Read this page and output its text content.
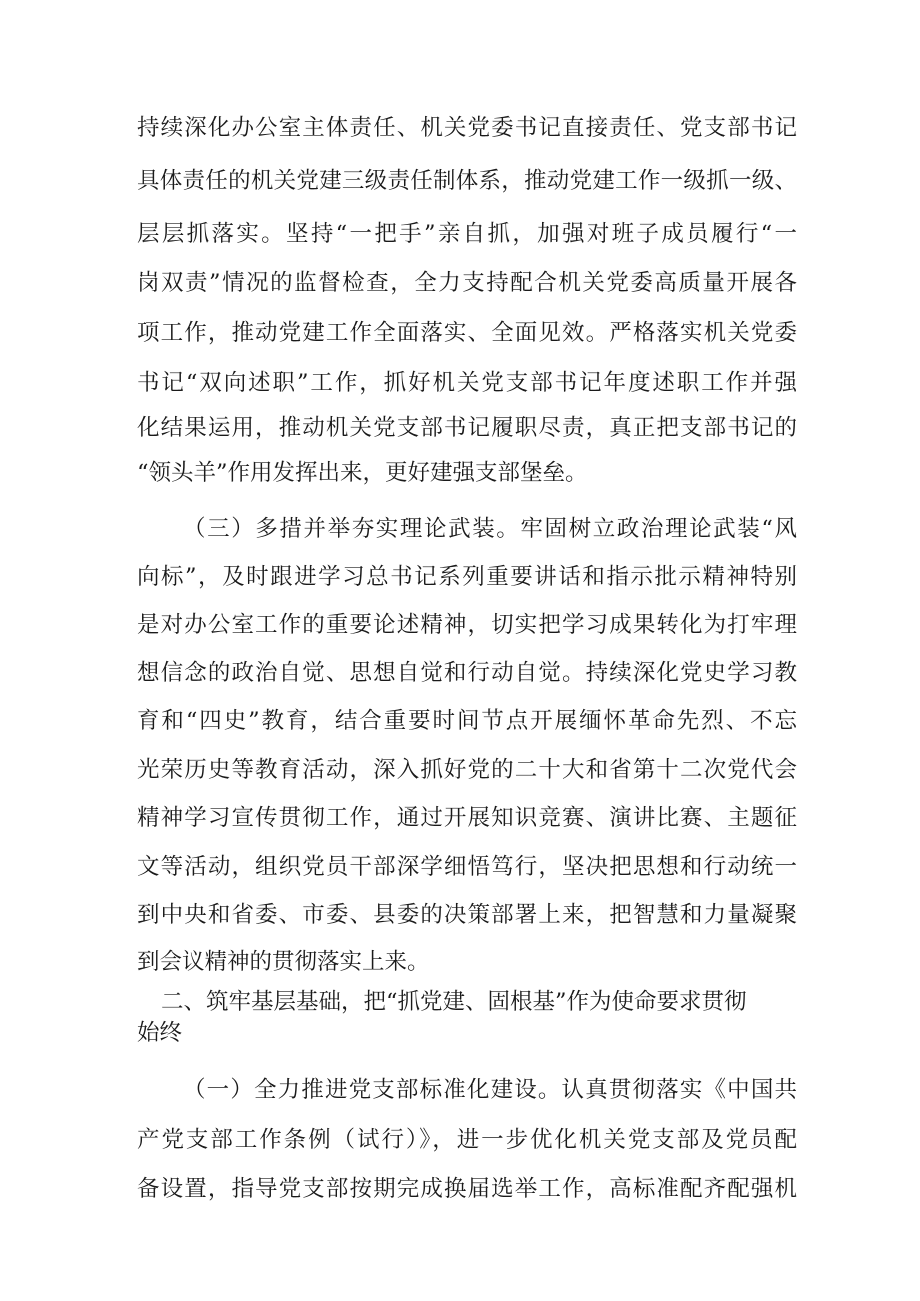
持续深化办公室主体责任、机关党委书记直接责任、党支部书记
具体责任的机关党建三级责任制体系，推动党建工作一级抓一级、
层层抓落实。坚持“一把手”亲自抓，加强对班子成员履行“一
岗双责”情况的监督检查，全力支持配合机关党委高质量开展各
项工作，推动党建工作全面落实、全面见效。严格落实机关党委
书记“双向述职”工作，抓好机关党支部书记年度述职工作并强
化结果运用，推动机关党支部书记履职尽责，真正把支部书记的
“领头羊”作用发挥出来，更好建强支部堡垒。
（三）多措并举夯实理论武装。牢固树立政治理论武装“风
向标”，及时跟进学习总书记系列重要讲话和指示批示精神特别
是对办公室工作的重要论述精神，切实把学习成果转化为打牢理
想信念的政治自觉、思想自觉和行动自觉。持续深化党史学习教
育和“四史”教育，结合重要时间节点开展缅怀革命先烈、不忘
光荣历史等教育活动，深入抓好党的二十大和省第十二次党代会
精神学习宣传贯彻工作，通过开展知识竞赛、演讲比赛、主题征
文等活动，组织党员干部深学细悟笃行，坚决把思想和行动统一
到中央和省委、市委、县委的决策部署上来，把智慧和力量凝聚
到会议精神的贯彻落实上来。
二、筑牢基层基础，把“抓党建、固根基”作为使命要求贯彻
始终
（一）全力推进党支部标准化建设。认真贯彻落实《中国共
产党支部工作条例（试行）》，进一步优化机关党支部及党员配
备设置，指导党支部按期完成换届选举工作，高标准配齐配强机
